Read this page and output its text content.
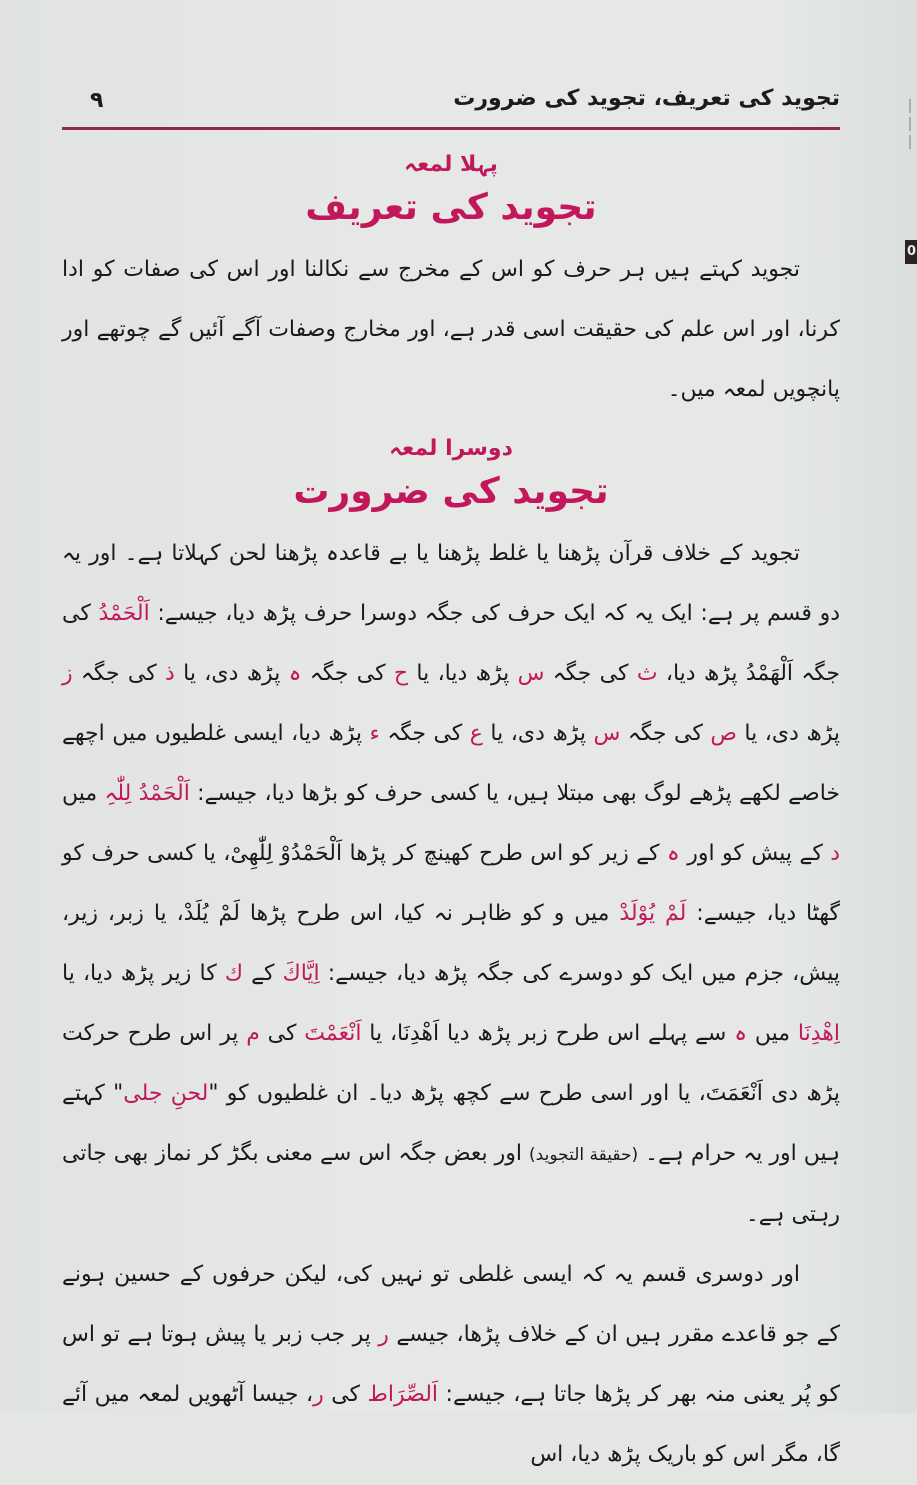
0
تجوید کی تعریف، تجوید کی ضرورت
۹

پہلا لمعہ

تجوید کی تعریف

تجوید کہتے ہیں ہر حرف کو اس کے مخرج سے نکالنا اور اس کی صفات کو ادا کرنا، اور اس علم کی حقیقت اسی قدر ہے، اور مخارج وصفات آگے آئیں گے چوتھے اور پانچویں لمعہ میں۔

دوسرا لمعہ

تجوید کی ضرورت

تجوید کے خلاف قرآن پڑھنا یا غلط پڑھنا یا بے قاعدہ پڑھنا لحن کہلاتا ہے۔ اور یہ دو قسم پر ہے: ایک یہ کہ ایک حرف کی جگہ دوسرا حرف پڑھ دیا، جیسے: اَلْحَمْدُ کی جگہ اَلْھَمْدُ پڑھ دیا، ث کی جگہ س پڑھ دیا، یا ح کی جگہ ہ پڑھ دی، یا ذ کی جگہ ز پڑھ دی، یا ص کی جگہ س پڑھ دی، یا ع کی جگہ ء پڑھ دیا، ایسی غلطیوں میں اچھے خاصے لکھے پڑھے لوگ بھی مبتلا ہیں، یا کسی حرف کو بڑھا دیا، جیسے: اَلْحَمْدُ لِلّٰہِ میں د کے پیش کو اور ہ کے زیر کو اس طرح کھینچ کر پڑھا اَلْحَمْدُوْ لِلّٰھِیْ، یا کسی حرف کو گھٹا دیا، جیسے: لَمْ یُوْلَدْ میں و کو ظاہر نہ کیا، اس طرح پڑھا لَمْ یُلَدْ، یا زبر، زیر، پیش، جزم میں ایک کو دوسرے کی جگہ پڑھ دیا، جیسے: اِیَّاكَ کے ك کا زیر پڑھ دیا، یا اِھْدِنَا میں ہ سے پہلے اس طرح زبر پڑھ دیا اَھْدِنَا، یا اَنْعَمْتَ کی م پر اس طرح حرکت پڑھ دی اَنْعَمَتَ، یا اور اسی طرح سے کچھ پڑھ دیا۔ ان غلطیوں کو "لحنِ جلی" کہتے ہیں اور یہ حرام ہے۔ (حقیقة التجوید) اور بعض جگہ اس سے معنی بگڑ کر نماز بھی جاتی رہتی ہے۔

اور دوسری قسم یہ کہ ایسی غلطی تو نہیں کی، لیکن حرفوں کے حسین ہونے کے جو قاعدے مقرر ہیں ان کے خلاف پڑھا، جیسے ر پر جب زبر یا پیش ہوتا ہے تو اس کو پُر یعنی منہ بھر کر پڑھا جاتا ہے، جیسے: اَلصِّرَاط کی ر، جیسا آٹھویں لمعہ میں آئے گا، مگر اس کو باریک پڑھ دیا، اس
